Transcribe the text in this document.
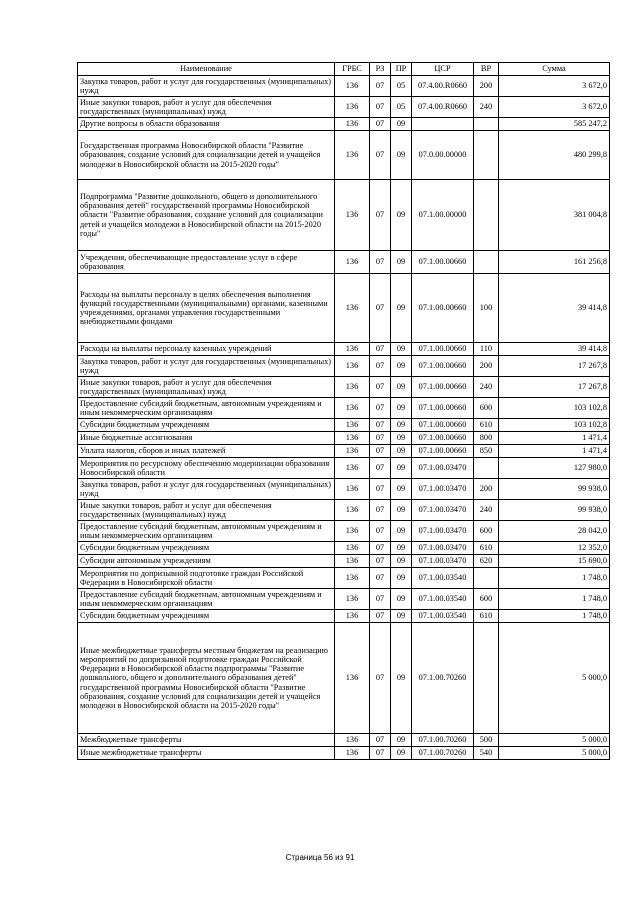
Наименование	ГРБС	РЗ	ПР	ЦСР	ВР	Сумма
Закупка товаров, работ и услуг для государственных (муниципальных) нужд	136	07	05	07.4.00.R0660	200	3 672,0
Иные закупки товаров, работ и услуг для обеспечения государственных (муниципальных) нужд	136	07	05	07.4.00.R0660	240	3 672,0
Другие вопросы в области образования	136	07	09			585 247,2
Государственная программа Новосибирской области "Развитие образования, создание условий для социализации детей и учащейся молодежи в Новосибирской области на 2015-2020 годы"	136	07	09	07.0.00.00000		480 299,8
Подпрограмма "Развитие дошкольного, общего и дополнительного образования детей" государственной программы Новосибирской области "Развитие образования, создание условий для социализации детей и учащейся молодежи в Новосибирской области на 2015-2020 годы"	136	07	09	07.1.00.00000		381 004,8
Учреждения, обеспечивающие предоставление услуг в сфере образования	136	07	09	07.1.00.00660		161 256,8
Расходы на выплаты персоналу в целях обеспечения выполнения функций государственными (муниципальными) органами, казенными учреждениями, органами управления государственными внебюджетными фондами	136	07	09	07.1.00.00660	100	39 414,8
Расходы на выплаты персоналу казенных учреждений	136	07	09	07.1.00.00660	110	39 414,8
Закупка товаров, работ и услуг для государственных (муниципальных) нужд	136	07	09	07.1.00.00660	200	17 267,8
Иные закупки товаров, работ и услуг для обеспечения государственных (муниципальных) нужд	136	07	09	07.1.00.00660	240	17 267,8
Предоставление субсидий бюджетным, автономным учреждениям и иным некоммерческим организациям	136	07	09	07.1.00.00660	600	103 102,8
Субсидии бюджетным учреждениям	136	07	09	07.1.00.00660	610	103 102,8
Иные бюджетные ассигнования	136	07	09	07.1.00.00660	800	1 471,4
Уплата налогов, сборов и иных платежей	136	07	09	07.1.00.00660	850	1 471,4
Мероприятия по ресурсному обеспечению модернизации образования Новосибирской области	136	07	09	07.1.00.03470		127 980,0
Закупка товаров, работ и услуг для государственных (муниципальных) нужд	136	07	09	07.1.00.03470	200	99 938,0
Иные закупки товаров, работ и услуг для обеспечения государственных (муниципальных) нужд	136	07	09	07.1.00.03470	240	99 938,0
Предоставление субсидий бюджетным, автономным учреждениям и иным некоммерческим организациям	136	07	09	07.1.00.03470	600	28 042,0
Субсидии бюджетным учреждениям	136	07	09	07.1.00.03470	610	12 352,0
Субсидии автономным учреждениям	136	07	09	07.1.00.03470	620	15 690,0
Мероприятия по допризывной подготовке граждан Российской Федерации в Новосибирской области	136	07	09	07.1.00.03540		1 748,0
Предоставление субсидий бюджетным, автономным учреждениям и иным некоммерческим организациям	136	07	09	07.1.00.03540	600	1 748,0
Субсидии бюджетным учреждениям	136	07	09	07.1.00.03540	610	1 748,0
Иные межбюджетные трансферты местным бюджетам на реализацию мероприятий по допризывной подготовке граждан Российской Федерации в Новосибирской области подпрограммы "Развитие дошкольного, общего и дополнительного образования детей" государственной программы Новосибирской области "Развитие образования, создание условий для социализации детей и учащейся молодежи в Новосибирской области на 2015-2020 годы"	136	07	09	07.1.00.70260		5 000,0
Межбюджетные трансферты	136	07	09	07.1.00.70260	500	5 000,0
Иные межбюджетные трансферты	136	07	09	07.1.00.70260	540	5 000,0
Страница 56 из 91
